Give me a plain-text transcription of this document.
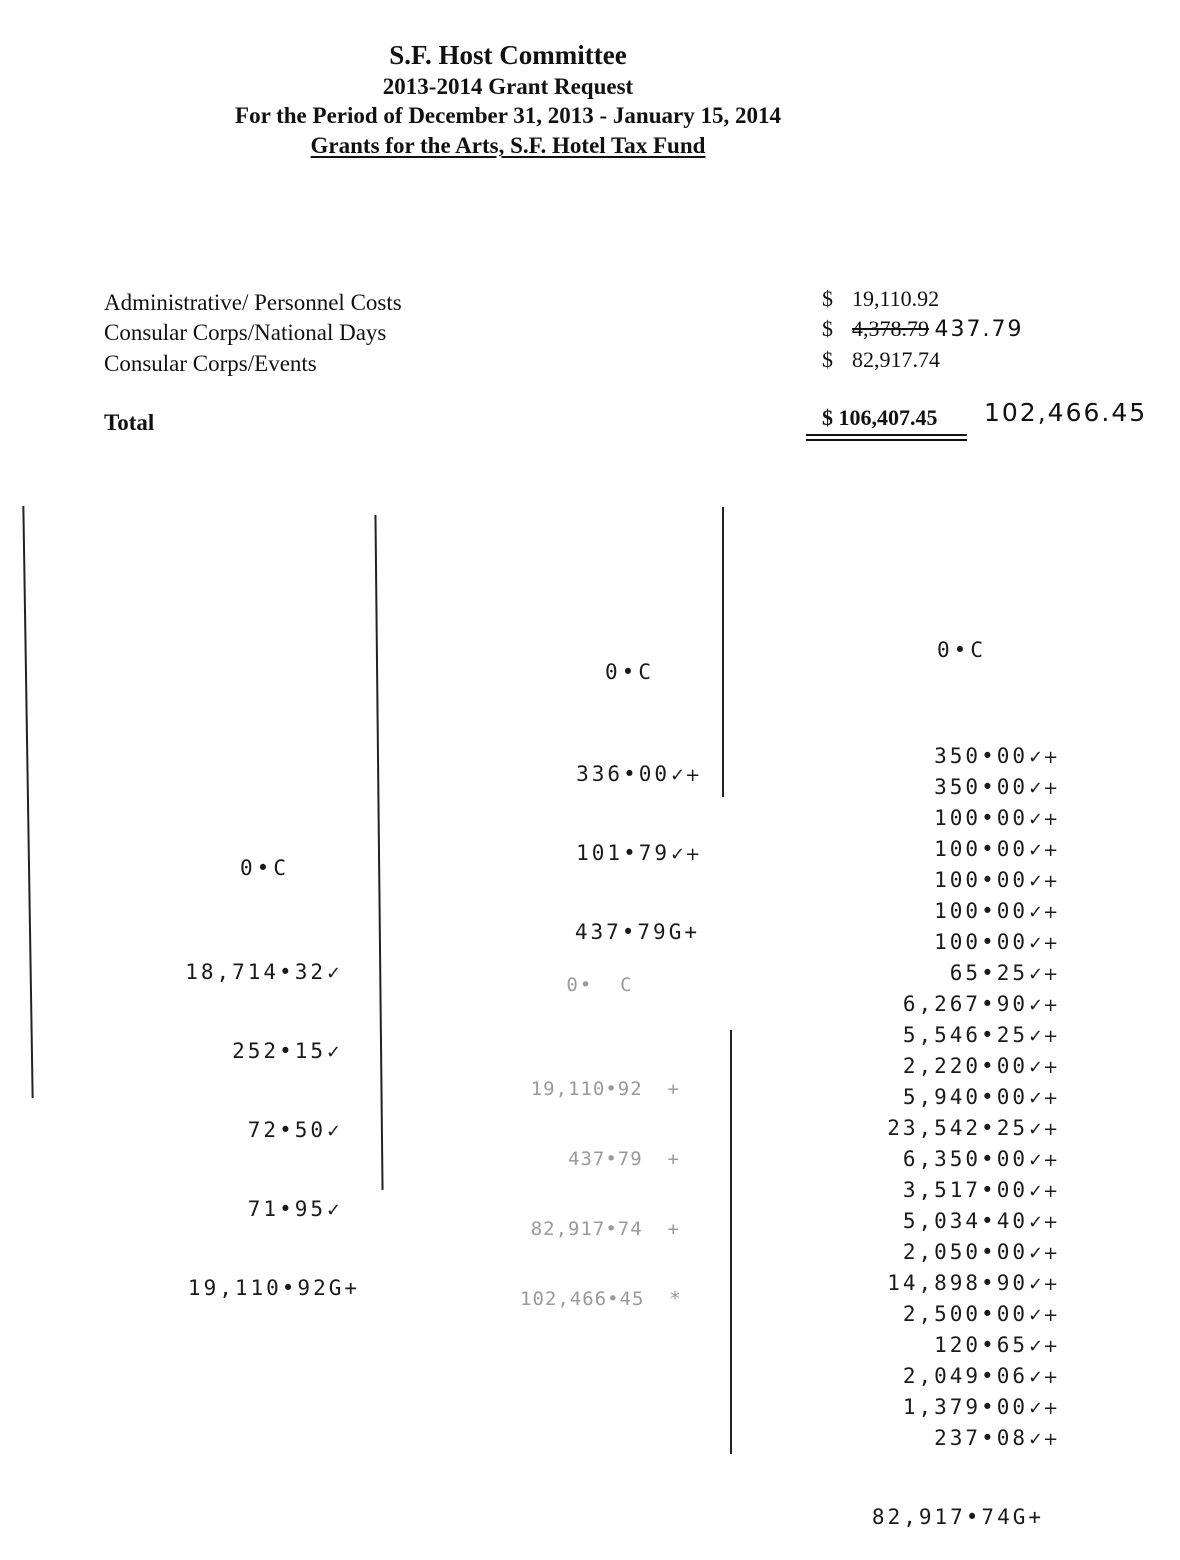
S.F. Host Committee
2013-2014 Grant Request
For the Period of December 31, 2013 - January 15, 2014
Grants for the Arts, S.F. Hotel Tax Fund
Administrative/ Personnel Costs
Consular Corps/National Days
Consular Corps/Events
Total
$ 19,110.92
$ 4,378.79 437.79
$ 82,917.74
$ 106,407.45 102,466.45

0•C

18,714•32✓

252•15✓

72•50✓

71•95✓

19,110•92G+

0•C

336•00✓+

101•79✓+

437•79G+

0•  C

19,110•92  +

437•79  +

82,917•74  +

102,466•45  *

0•C

350•00✓+
350•00✓+
100•00✓+
100•00✓+
100•00✓+
100•00✓+
100•00✓+
65•25✓+
6,267•90✓+
5,546•25✓+
2,220•00✓+
5,940•00✓+
23,542•25✓+
6,350•00✓+
3,517•00✓+
5,034•40✓+
2,050•00✓+
14,898•90✓+
2,500•00✓+
120•65✓+
2,049•06✓+
1,379•00✓+
237•08✓+

82,917•74G+
